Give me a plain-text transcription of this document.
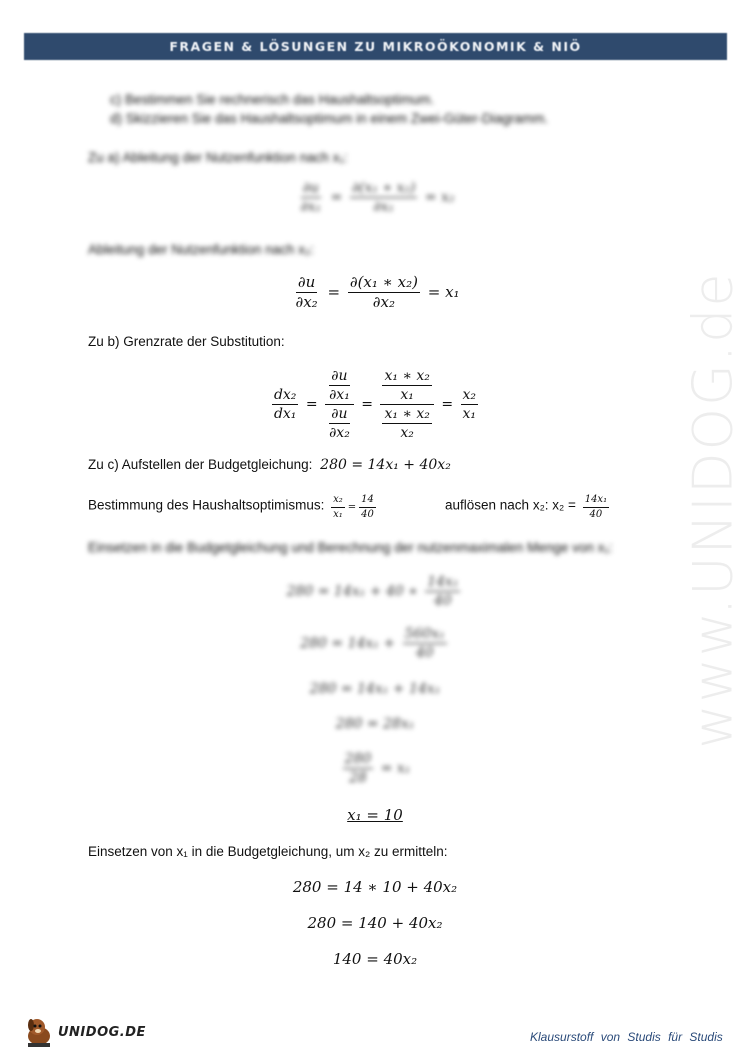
FRAGEN & LÖSUNGEN ZU MIKROÖKONOMIK & NIÖ
c) Bestimmen Sie rechnerisch das Haushaltsoptimum.
d) Skizzieren Sie das Haushaltsoptimum in einem Zwei-Güter-Diagramm.
Zu a) Ableitung der Nutzenfunktion nach x₁:
$\frac{\partial u}{\text{∂x₁}} = \frac{\text{∂(x₁ ∗ x₂)}}{\text{∂x₁}} = x_2$
Ableitung der Nutzenfunktion nach x₂:
$\frac{\partial u}{\text{∂x₂}} = \frac{\text{∂(x₁ ∗ x₂)}}{\text{∂x₂}} = x_1$
Zu b) Grenzrate der Substitution:
$\frac{\text{dx₂}}{\text{dx₁}} = \frac{\frac{\partial u}{\text{∂x₁}}}{\frac{\partial u}{\text{∂x₂}}} = \frac{\frac{\text{x₁ ∗ x₂}}{\text{x₁}}}{\frac{\text{x₁ ∗ x₂}}{\text{x₂}}} = \frac{\text{x₂}}{\text{x₁}}$
Zu c) Aufstellen der Budgetgleichung: 280 = 14x₁ + 40x₂
Bestimmung des Haushaltsoptimismus: $\frac{\text{x₂}}{\text{x₁}} = \frac{14}{40}$	auflösen nach x₂: $x_2 = \frac{\text{14x₁}}{40}$
Einsetzen in die Budgetgleichung und Berechnung der nutzenmaximalen Menge von x₁:
280 = 14x₁ + 40 ∗ $\frac{\text{14x₁}}{40}$
$280 = 14x_1 + \frac{\text{560x₁}}{40}$
280 = 14x₁ + 14x₁
280 = 28x₁
$\frac{280}{28} = x_1$
x₁ = 10
Einsetzen von x₁ in die Budgetgleichung, um x₂ zu ermitteln:
280 = 14 ∗ 10 + 40x₂
280 = 140 + 40x₂
140 = 40x₂
www.UNIDOG.de
UNIDOG.DE	Klausurstoff von Studis für Studis
